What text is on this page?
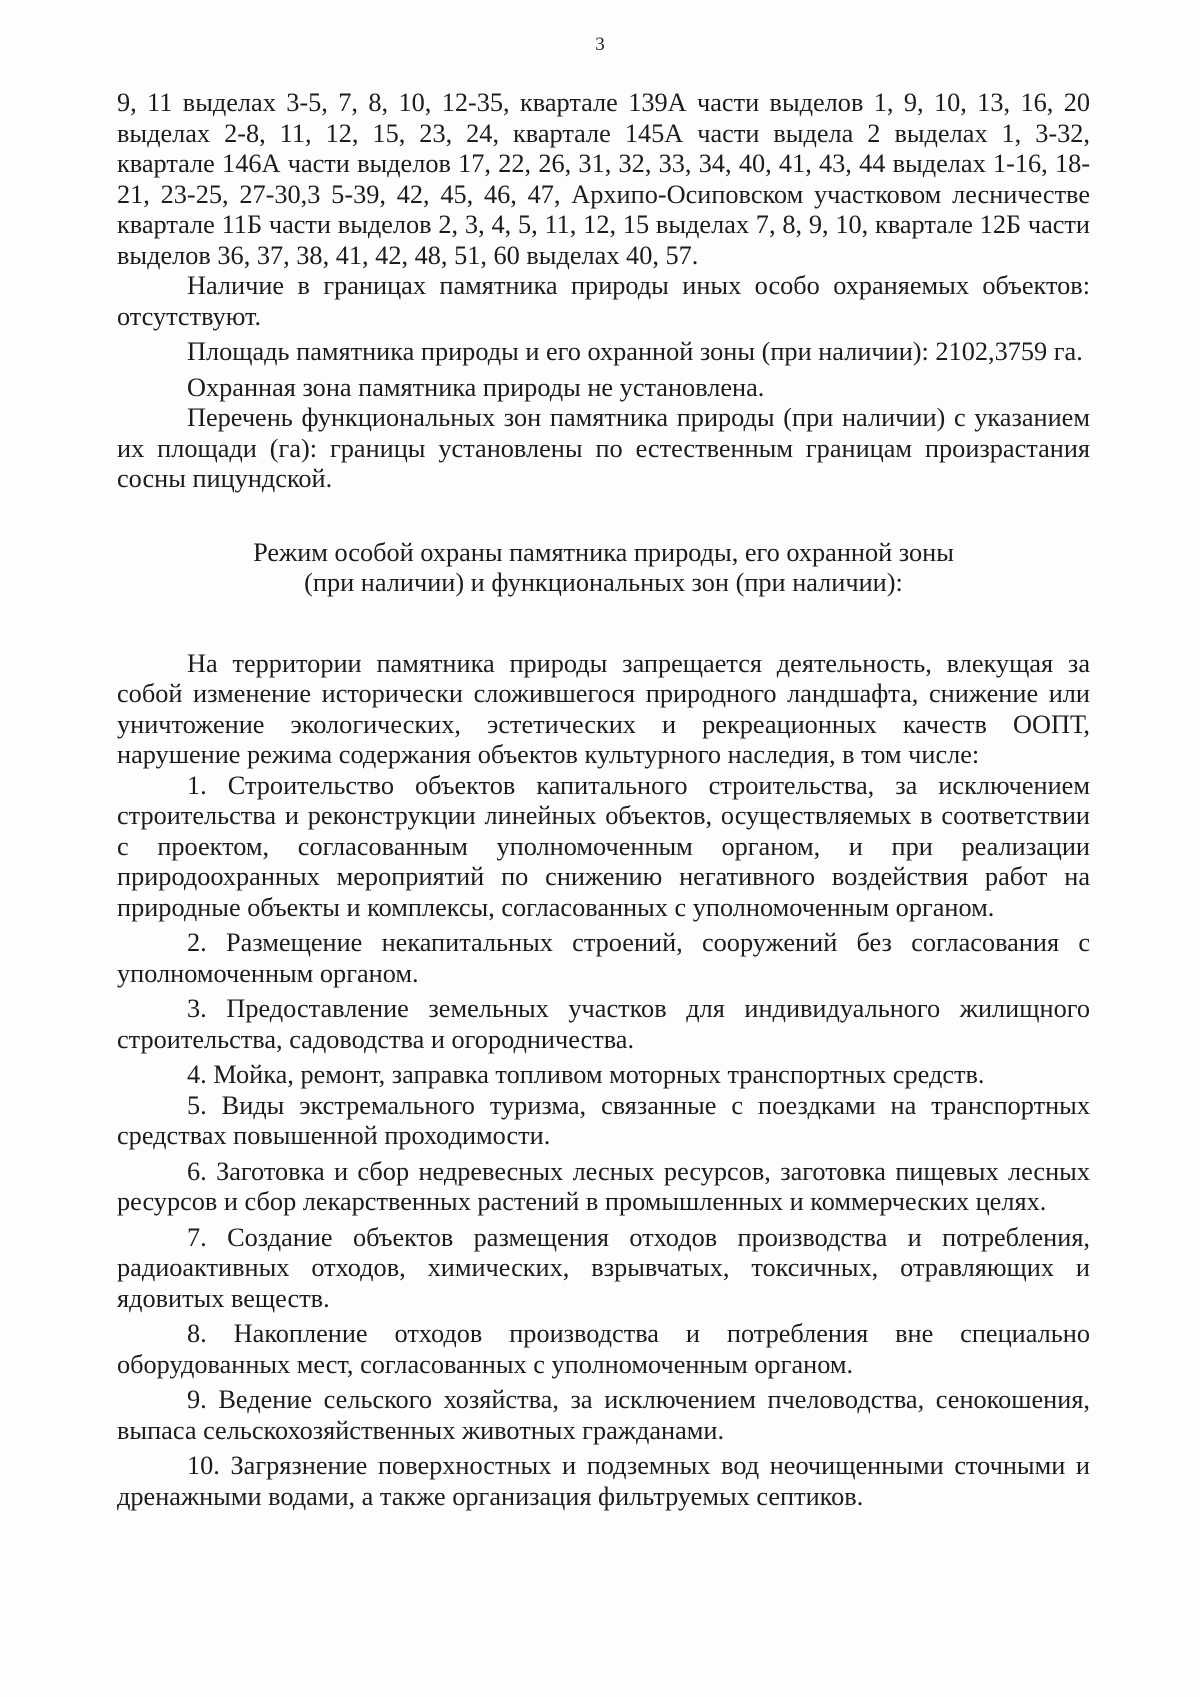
3

9, 11 выделах 3-5, 7, 8, 10, 12-35, квартале 139А части выделов 1, 9, 10, 13, 16, 20 выделах 2-8, 11, 12, 15, 23, 24, квартале 145А части выдела 2 выделах 1, 3-32, квартале 146А части выделов 17, 22, 26, 31, 32, 33, 34, 40, 41, 43, 44 выделах 1-16, 18-21, 23-25, 27-30,3 5-39, 42, 45, 46, 47, Архипо-Осиповском участковом лесничестве квартале 11Б части выделов 2, 3, 4, 5, 11, 12, 15 выделах 7, 8, 9, 10, квартале 12Б части выделов 36, 37, 38, 41, 42, 48, 51, 60 выделах 40, 57.

Наличие в границах памятника природы иных особо охраняемых объектов: отсутствуют.

Площадь памятника природы и его охранной зоны (при наличии): 2102,3759 га.

Охранная зона памятника природы не установлена.

Перечень функциональных зон памятника природы (при наличии) с указанием их площади (га): границы установлены по естественным границам произрастания сосны пицундской.

Режим особой охраны памятника природы, его охранной зоны
(при наличии) и функциональных зон (при наличии):

На территории памятника природы запрещается деятельность, влекущая за собой изменение исторически сложившегося природного ландшафта, снижение или уничтожение экологических, эстетических и рекреационных качеств ООПТ, нарушение режима содержания объектов культурного наследия, в том числе:

1. Строительство объектов капитального строительства, за исключением строительства и реконструкции линейных объектов, осуществляемых в соответствии с проектом, согласованным уполномоченным органом, и при реализации природоохранных мероприятий по снижению негативного воздействия работ на природные объекты и комплексы, согласованных с уполномоченным органом.

2. Размещение некапитальных строений, сооружений без согласования с уполномоченным органом.

3. Предоставление земельных участков для индивидуального жилищного строительства, садоводства и огородничества.

4. Мойка, ремонт, заправка топливом моторных транспортных средств.

5. Виды экстремального туризма, связанные с поездками на транспортных средствах повышенной проходимости.

6. Заготовка и сбор недревесных лесных ресурсов, заготовка пищевых лесных ресурсов и сбор лекарственных растений в промышленных и коммерческих целях.

7. Создание объектов размещения отходов производства и потребления, радиоактивных отходов, химических, взрывчатых, токсичных, отравляющих и ядовитых веществ.

8. Накопление отходов производства и потребления вне специально оборудованных мест, согласованных с уполномоченным органом.

9. Ведение сельского хозяйства, за исключением пчеловодства, сенокошения, выпаса сельскохозяйственных животных гражданами.

10. Загрязнение поверхностных и подземных вод неочищенными сточными и дренажными водами, а также организация фильтруемых септиков.
